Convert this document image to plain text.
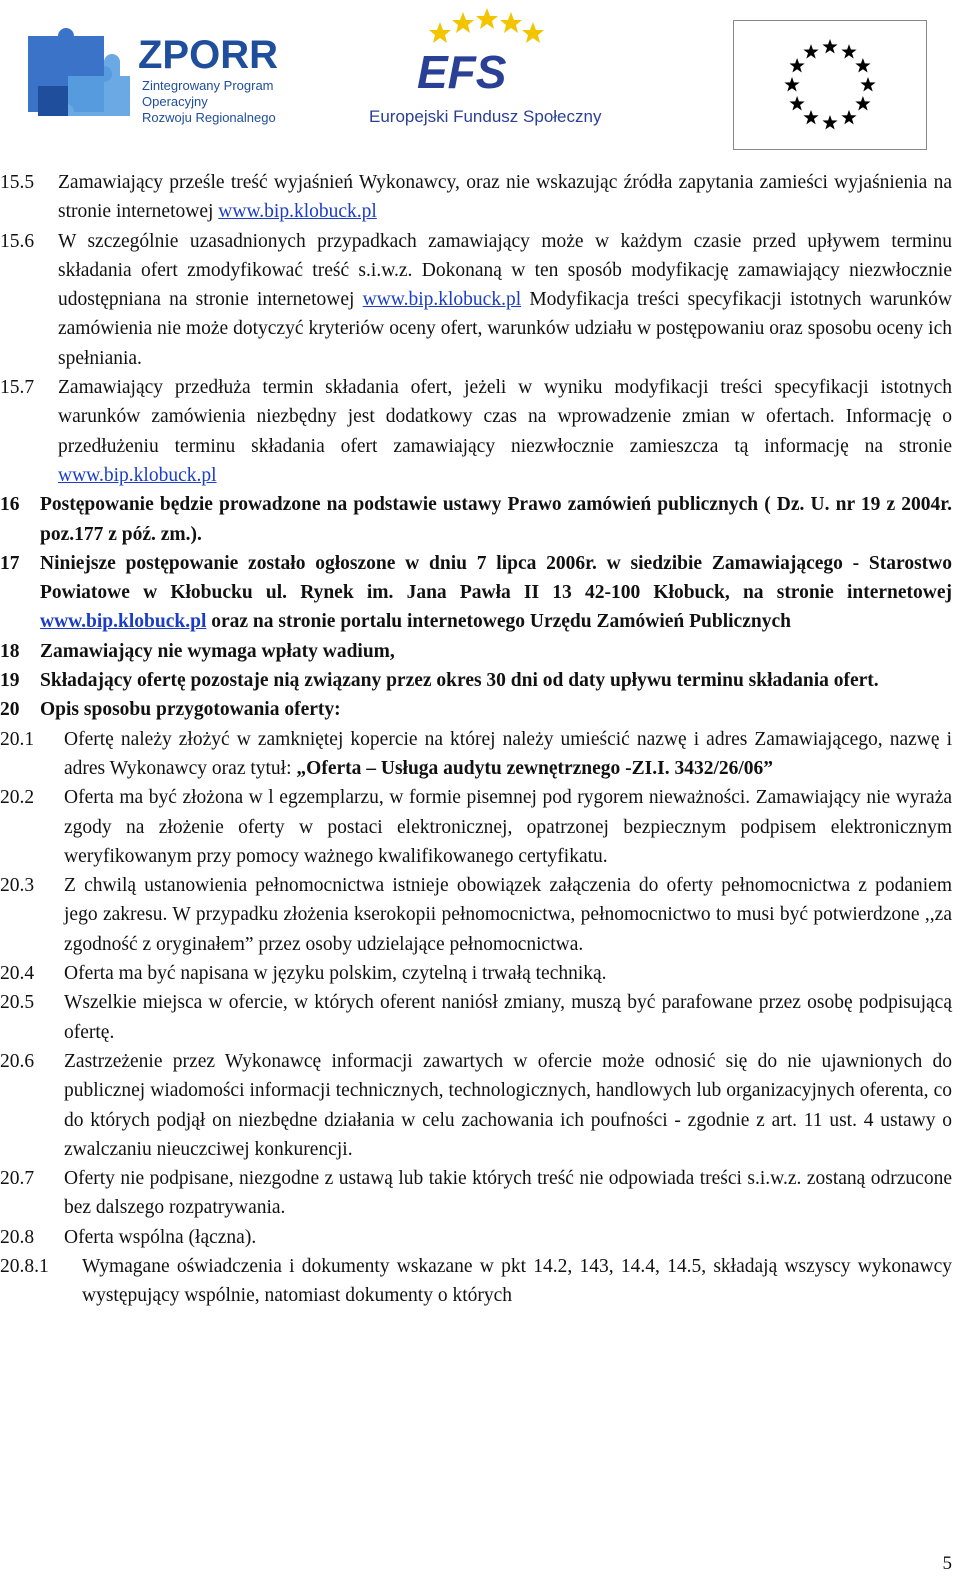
ZPORR
Zintegrowany Program
Operacyjny
Rozwoju Regionalnego
EFS
Europejski Fundusz Społeczny
15.5	Zamawiający prześle treść wyjaśnień Wykonawcy, oraz nie wskazując źródła zapytania zamieści wyjaśnienia na stronie internetowej www.bip.klobuck.pl
15.6	W szczególnie uzasadnionych przypadkach zamawiający może w każdym czasie przed upływem terminu składania ofert zmodyfikować treść s.i.w.z. Dokonaną w ten sposób modyfikację zamawiający niezwłocznie udostępniana na stronie internetowej www.bip.klobuck.pl Modyfikacja treści specyfikacji istotnych warunków zamówienia nie może dotyczyć kryteriów oceny ofert, warunków udziału w postępowaniu oraz sposobu oceny ich spełniania.
15.7	Zamawiający przedłuża termin składania ofert, jeżeli w wyniku modyfikacji treści specyfikacji istotnych warunków zamówienia niezbędny jest dodatkowy czas na wprowadzenie zmian w ofertach. Informację o przedłużeniu terminu składania ofert zamawiający niezwłocznie zamieszcza tą informację na stronie www.bip.klobuck.pl
16	Postępowanie będzie prowadzone na podstawie ustawy Prawo zamówień publicznych ( Dz. U. nr 19 z 2004r. poz.177 z póź. zm.).
17	Niniejsze postępowanie zostało ogłoszone w dniu 7 lipca 2006r. w siedzibie Zamawiającego - Starostwo Powiatowe w Kłobucku ul. Rynek im. Jana Pawła II 13 42-100 Kłobuck, na stronie internetowej www.bip.klobuck.pl oraz na stronie portalu internetowego Urzędu Zamówień Publicznych
18	Zamawiający nie wymaga wpłaty wadium,
19	Składający ofertę pozostaje nią związany przez okres 30 dni od daty upływu terminu składania ofert.
20	Opis sposobu przygotowania oferty:
20.1	Ofertę należy złożyć w zamkniętej kopercie na której należy umieścić nazwę i adres Zamawiającego, nazwę i adres Wykonawcy oraz tytuł: „Oferta – Usługa audytu zewnętrznego -ZI.I. 3432/26/06”
20.2	Oferta ma być złożona w l egzemplarzu, w formie pisemnej pod rygorem nieważności. Zamawiający nie wyraża zgody na złożenie oferty w postaci elektronicznej, opatrzonej bezpiecznym podpisem elektronicznym weryfikowanym przy pomocy ważnego kwalifikowanego certyfikatu.
20.3	Z chwilą ustanowienia pełnomocnictwa istnieje obowiązek załączenia do oferty pełnomocnictwa z podaniem jego zakresu. W przypadku złożenia kserokopii pełnomocnictwa, pełnomocnictwo to musi być potwierdzone ,,za zgodność z oryginałem” przez osoby udzielające pełnomocnictwa.
20.4	Oferta ma być napisana w języku polskim, czytelną i trwałą techniką.
20.5	Wszelkie miejsca w ofercie, w których oferent naniósł zmiany, muszą być parafowane przez osobę podpisującą ofertę.
20.6	Zastrzeżenie przez Wykonawcę informacji zawartych w ofercie może odnosić się do nie ujawnionych do publicznej wiadomości informacji technicznych, technologicznych, handlowych lub organizacyjnych oferenta, co do których podjął on niezbędne działania w celu zachowania ich poufności - zgodnie z art. 11 ust. 4 ustawy o zwalczaniu nieuczciwej konkurencji.
20.7	Oferty nie podpisane, niezgodne z ustawą lub takie których treść nie odpowiada treści s.i.w.z. zostaną odrzucone bez dalszego rozpatrywania.
20.8	Oferta wspólna (łączna).
20.8.1	Wymagane oświadczenia i dokumenty wskazane w pkt 14.2, 143, 14.4, 14.5, składają wszyscy wykonawcy występujący wspólnie, natomiast dokumenty o których
5
